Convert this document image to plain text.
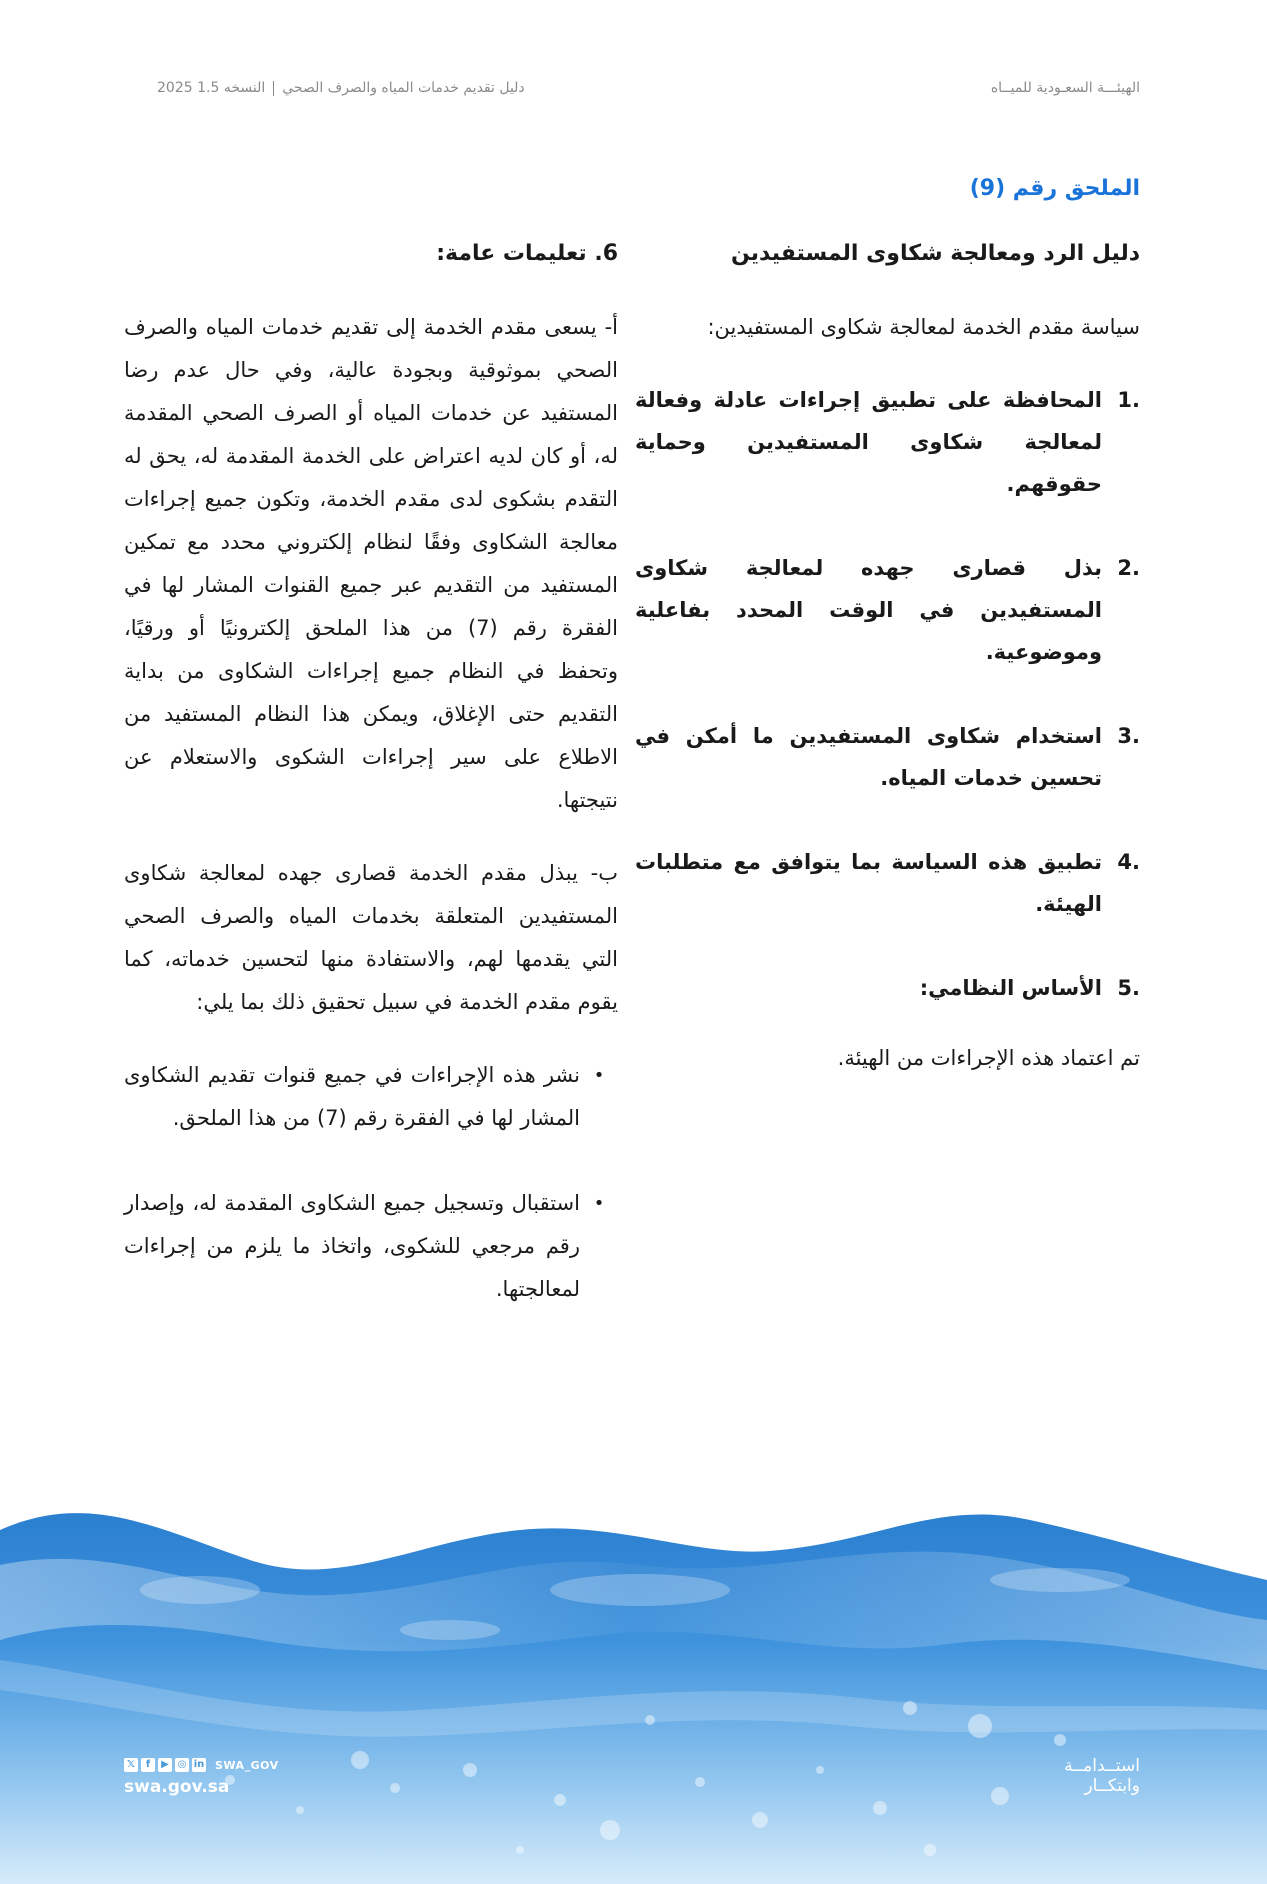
الهيئـــة السعـودية للميــاه
دليل تقديم خدمات المياه والصرف الصحيالنسخه 1.5 2025
الملحق رقم (9)

دليل الرد ومعالجة شكاوى المستفيدين

سياسة مقدم الخدمة لمعالجة شكاوى المستفيدين:

.1
المحافظة على تطبيق إجراءات عادلة وفعالة لمعالجة شكاوى المستفيدين وحماية حقوقهم.
.2
بذل قصارى جهده لمعالجة شكاوى المستفيدين في الوقت المحدد بفاعلية وموضوعية.
.3
استخدام شكاوى المستفيدين ما أمكن في تحسين خدمات المياه.
.4
تطبيق هذه السياسة بما يتوافق مع متطلبات الهيئة.
.5
الأساس النظامي:

تم اعتماد هذه الإجراءات من الهيئة.

6. تعليمات عامة:

أ- يسعى مقدم الخدمة إلى تقديم خدمات المياه والصرف الصحي بموثوقية وبجودة عالية، وفي حال عدم رضا المستفيد عن خدمات المياه أو الصرف الصحي المقدمة له، أو كان لديه اعتراض على الخدمة المقدمة له، يحق له التقدم بشكوى لدى مقدم الخدمة، وتكون جميع إجراءات معالجة الشكاوى وفقًا لنظام إلكتروني محدد مع تمكين المستفيد من التقديم عبر جميع القنوات المشار لها في الفقرة رقم (7) من هذا الملحق إلكترونيًا أو ورقيًا، وتحفظ في النظام جميع إجراءات الشكاوى من بداية التقديم حتى الإغلاق، ويمكن هذا النظام المستفيد من الاطلاع على سير إجراءات الشكوى والاستعلام عن نتيجتها.

ب- يبذل مقدم الخدمة قصارى جهده لمعالجة شكاوى المستفيدين المتعلقة بخدمات المياه والصرف الصحي التي يقدمها لهم، والاستفادة منها لتحسين خدماته، كما يقوم مقدم الخدمة في سبيل تحقيق ذلك بما يلي:

•
نشر هذه الإجراءات في جميع قنوات تقديم الشكاوى المشار لها في الفقرة رقم (7) من هذا الملحق.
•
استقبال وتسجيل جميع الشكاوى المقدمة له، وإصدار رقم مرجعي للشكوى، واتخاذ ما يلزم من إجراءات لمعالجتها.
استــدامــة
وابتكــار
𝕏	f	▶ ◎ in SWA_GOV
swa.gov.sa
